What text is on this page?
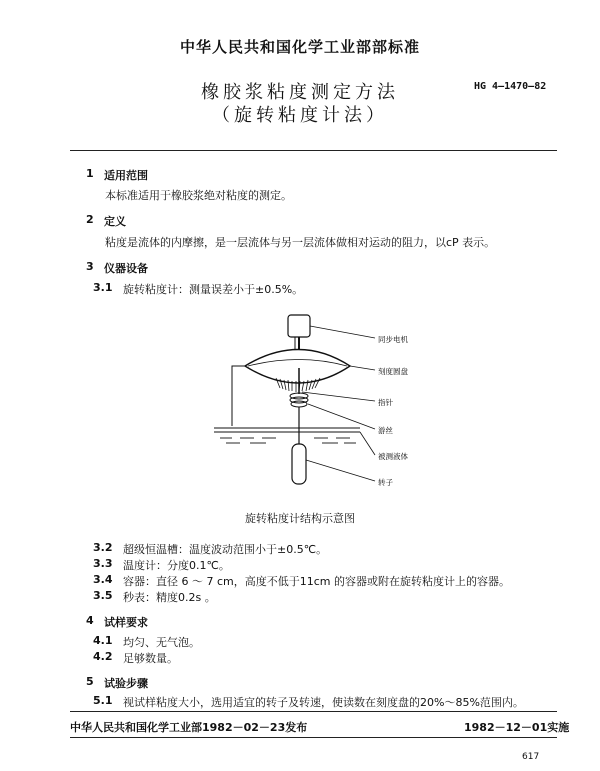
中华人民共和国化学工业部部标准
橡胶浆粘度测定方法
（旋转粘度计法）
HG 4—1470—82
1 适用范围
本标准适用于橡胶浆绝对粘度的测定。
2 定义
粘度是流体的内摩擦，是一层流体与另一层流体做相对运动的阻力，以cP 表示。
3 仪器设备
3.1 旋转粘度计：测量误差小于±0.5%。
同步电机
刻度圆盘
指针
游丝
被测液体
转子
旋转粘度计结构示意图
3.2 超级恒温槽：温度波动范围小于±0.5℃。
3.3 温度计：分度0.1℃。
3.4 容器：直径 6 ～ 7 cm，高度不低于11cm 的容器或附在旋转粘度计上的容器。
3.5 秒表：精度0.2s 。
4 试样要求
4.1 均匀、无气泡。
4.2 足够数量。
5 试验步骤
5.1 视试样粘度大小，选用适宜的转子及转速，使读数在刻度盘的20%～85%范围内。
中华人民共和国化学工业部1982－02－23发布	1982－12－01实施
617
